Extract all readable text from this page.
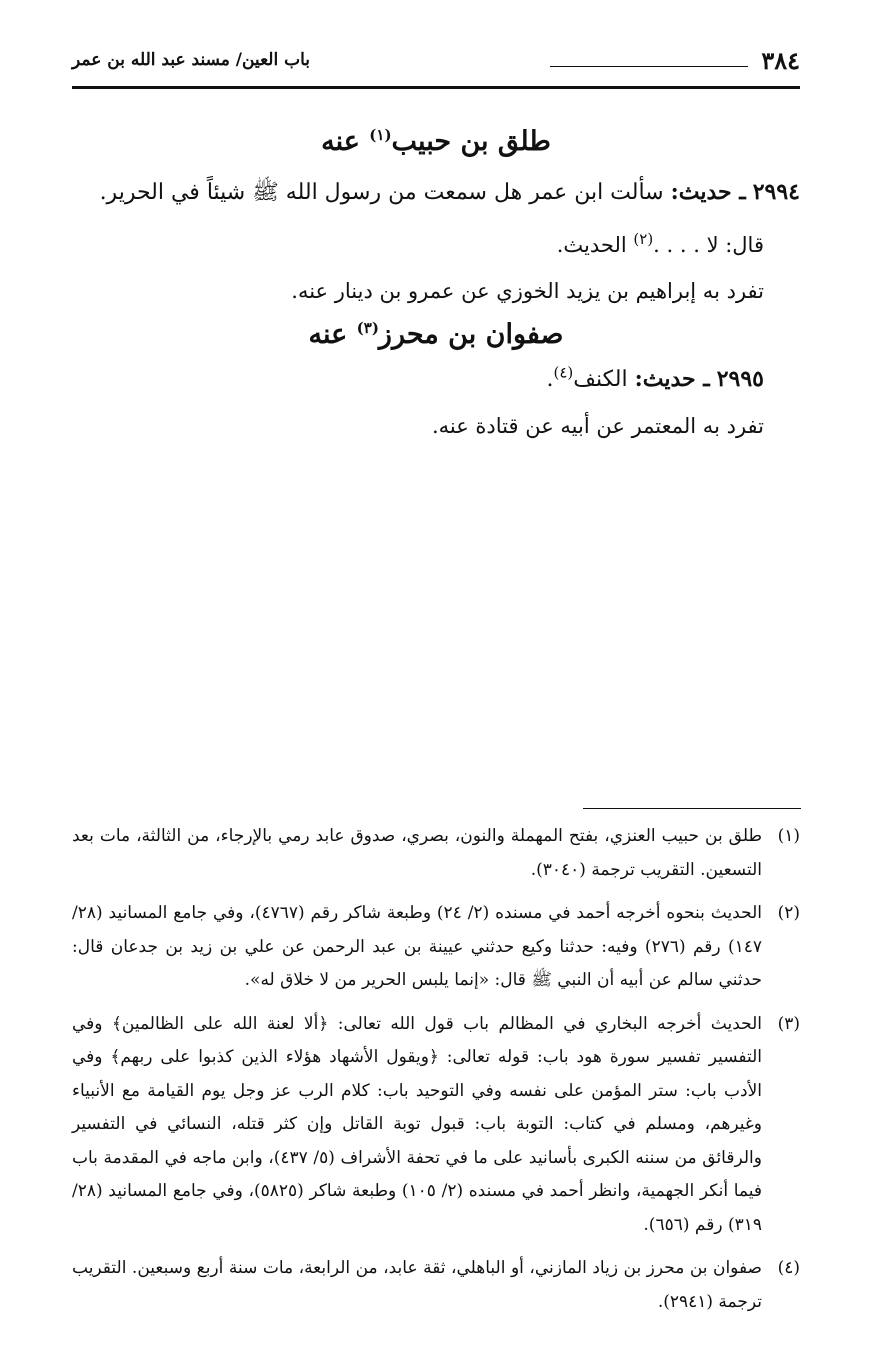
٣٨٤
باب العين/ مسند عبد الله بن عمر
طلق بن حبيب$^{(١)}$ عنه

٢٩٩٤ ـ حديث: سألت ابن عمر هل سمعت من رسول الله ﷺ شيئاً في الحرير.

قال: لا . . . .$^{(٢)}$ الحديث.

تفرد به إبراهيم بن يزيد الخوزي عن عمرو بن دينار عنه.

صفوان بن محرز$^{(٣)}$ عنه

٢٩٩٥ ـ حديث: الكنف$^{(٤)}$.

تفرد به المعتمر عن أبيه عن قتادة عنه.

(١)
طلق بن حبيب العنزي، بفتح المهملة والنون، بصري، صدوق عابد رمي بالإرجاء، من الثالثة، مات بعد التسعين. التقريب ترجمة (٣٠٤٠).
(٢)
الحديث بنحوه أخرجه أحمد في مسنده (٢/ ٢٤) وطبعة شاكر رقم (٤٧٦٧)، وفي جامع المسانيد (٢٨/ ١٤٧) رقم (٢٧٦) وفيه: حدثنا وكيع حدثني عيينة بن عبد الرحمن عن علي بن زيد بن جدعان قال: حدثني سالم عن أبيه أن النبي ﷺ قال: «إنما يلبس الحرير من لا خلاق له».
(٣)
الحديث أخرجه البخاري في المظالم باب قول الله تعالى: ﴿ألا لعنة الله على الظالمين﴾ وفي التفسير تفسير سورة هود باب: قوله تعالى: ﴿ويقول الأشهاد هؤلاء الذين كذبوا على ربهم﴾ وفي الأدب باب: ستر المؤمن على نفسه وفي التوحيد باب: كلام الرب عز وجل يوم القيامة مع الأنبياء وغيرهم، ومسلم في كتاب: التوبة باب: قبول توبة القاتل وإن كثر قتله، النسائي في التفسير والرقائق من سننه الكبرى بأسانيد على ما في تحفة الأشراف (٥/ ٤٣٧)، وابن ماجه في المقدمة باب فيما أنكر الجهمية، وانظر أحمد في مسنده (٢/ ١٠٥) وطبعة شاكر (٥٨٢٥)، وفي جامع المسانيد (٢٨/ ٣١٩) رقم (٦٥٦).
(٤)
صفوان بن محرز بن زياد المازني، أو الباهلي، ثقة عابد، من الرابعة، مات سنة أربع وسبعين. التقريب ترجمة (٢٩٤١).
